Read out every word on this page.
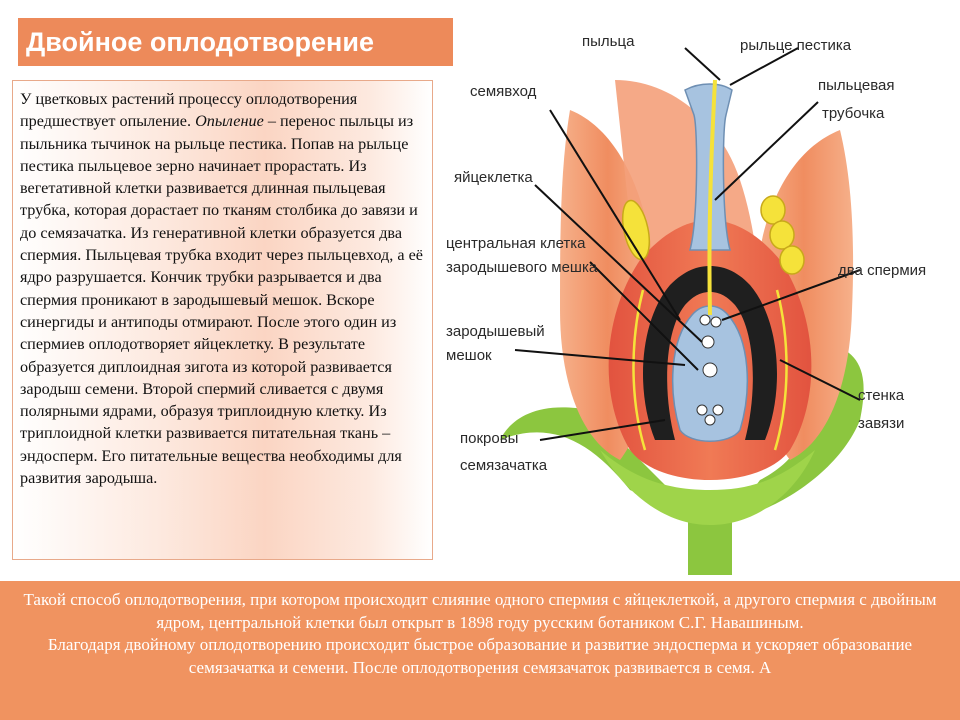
Двойное оплодотворение

У цветковых растений процессу оплодотворения предшествует опыление. Опыление – перенос пыльцы из пыльника тычинок на рыльце пестика. Попав на рыльце пестика пыльцевое зерно начинает прорастать. Из вегетативной клетки развивается длинная пыльцевая трубка, которая дорастает по тканям столбика до завязи и до семязачатка. Из генеративной клетки образуется два спермия. Пыльцевая трубка входит через пыльцевход, а её ядро разрушается. Кончик трубки разрывается и два спермия проникают в зародышевый мешок. Вскоре синергиды и антиподы отмирают. После этого один из спермиев оплодотворяет яйцеклетку. В результате образуется диплоидная зигота из которой развивается зародыш семени. Второй спермий сливается с двумя полярными ядрами, образуя триплоидную клетку. Из триплоидной клетки развивается питательная ткань – эндосперм. Его питательные вещества необходимы для развития зародыша.

пыльца	рыльце пестика
пыльцевая
трубочка
семявход
яйцеклетка
центральная клетка
зародышевого мешка	два спермия
зародышевый
мешок
стенка
завязи
покровы
семязачатка

Такой способ оплодотворения, при котором происходит слияние одного спермия с яйцеклеткой, а другого спермия с двойным ядром, центральной клетки был открыт в 1898 году русским ботаником С.Г. Навашиным.

Благодаря двойному оплодотворению происходит быстрое образование и развитие эндосперма и ускоряет образование семязачатка и семени. После оплодотворения семязачаток развивается в семя. А
